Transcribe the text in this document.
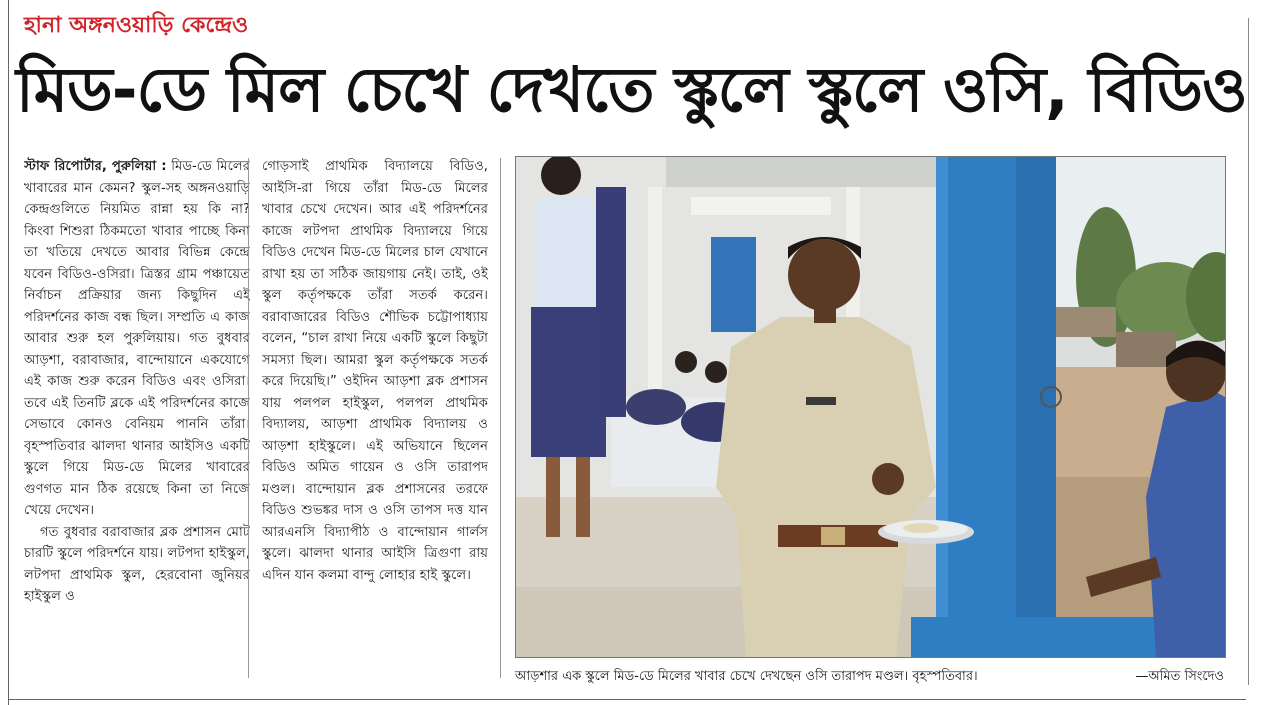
হানা অঙ্গনওয়াড়ি কেন্দ্রেও
মিড-ডে মিল চেখে দেখতে স্কুলে স্কুলে ওসি, বিডিও

স্টাফ রিপোর্টার, পুরুলিয়া : মিড-ডে মিলের খাবারের মান কেমন? স্কুল-সহ অঙ্গনওয়াড়ি কেন্দ্রগুলিতে নিয়মিত রান্না হয় কি না? কিংবা শিশুরা ঠিকমতো খাবার পাচ্ছে কিনা তা খতিয়ে দেখতে আবার বিভিন্ন কেন্দ্রে যবেন বিডিও-ওসিরা। ত্রিস্তর গ্রাম পঞ্চায়েত নির্বাচন প্রক্রিয়ার জন্য কিছুদিন এই পরিদর্শনের কাজ বন্ধ ছিল। সম্প্রতি এ কাজ আবার শুরু হল পুরুলিয়ায়। গত বুধবার আড়শা, বরাবাজার, বান্দোয়ানে একযোগে এই কাজ শুরু করেন বিডিও এবং ওসিরা। তবে এই তিনটি ব্লকে এই পরিদর্শনের কাজে সেভাবে কোনও বেনিয়ম পাননি তাঁরা। বৃহস্পতিবার ঝালদা থানার আইসিও একটি স্কুলে গিয়ে মিড-ডে মিলের খাবারের গুণগত মান ঠিক রয়েছে কিনা তা নিজে খেয়ে দেখেন।

গত বুধবার বরাবাজার ব্লক প্রশাসন মোট চারটি স্কুলে পরিদর্শনে যায়। লটপদা হাইস্কুল, লটপদা প্রাথমিক স্কুল, হেরবোনা জুনিয়র হাইস্কুল ও

গোড়সাই প্রাথমিক বিদ্যালয়ে বিডিও, আইসি-রা গিয়ে তাঁরা মিড-ডে মিলের খাবার চেখে দেখেন। আর এই পরিদর্শনের কাজে লটপদা প্রাথমিক বিদ্যালয়ে গিয়ে বিডিও দেখেন মিড-ডে মিলের চাল যেখানে রাখা হয় তা সঠিক জায়গায় নেই। তাই, ওই স্কুল কর্তৃপক্ষকে তাঁরা সতর্ক করেন। বরাবাজারের বিডিও শৌভিক চট্টোপাধ্যায় বলেন, “চাল রাখা নিয়ে একটি স্কুলে কিছুটা সমস্যা ছিল। আমরা স্কুল কর্তৃপক্ষকে সতর্ক করে দিয়েছি।” ওইদিন আড়শা ব্লক প্রশাসন যায় পলপল হাইস্কুল, পলপল প্রাথমিক বিদ্যালয়, আড়শা প্রাথমিক বিদ্যালয় ও আড়শা হাইস্কুলে। এই অভিযানে ছিলেন বিডিও অমিত গায়েন ও ওসি তারাপদ মণ্ডল। বান্দোয়ান ব্লক প্রশাসনের তরফে বিডিও শুভঙ্কর দাস ও ওসি তাপস দত্ত যান আরএনসি বিদ্যাপীঠ ও বান্দোয়ান গার্লস স্কুলে। ঝালদা থানার আইসি ত্রিগুণা রায় এদিন যান কলমা বান্দু লোহার হাই স্কুলে।

আড়শার এক স্কুলে মিড-ডে মিলের খাবার চেখে দেখছেন ওসি তারাপদ মণ্ডল। বৃহস্পতিবার।	—অমিত সিংদেও
